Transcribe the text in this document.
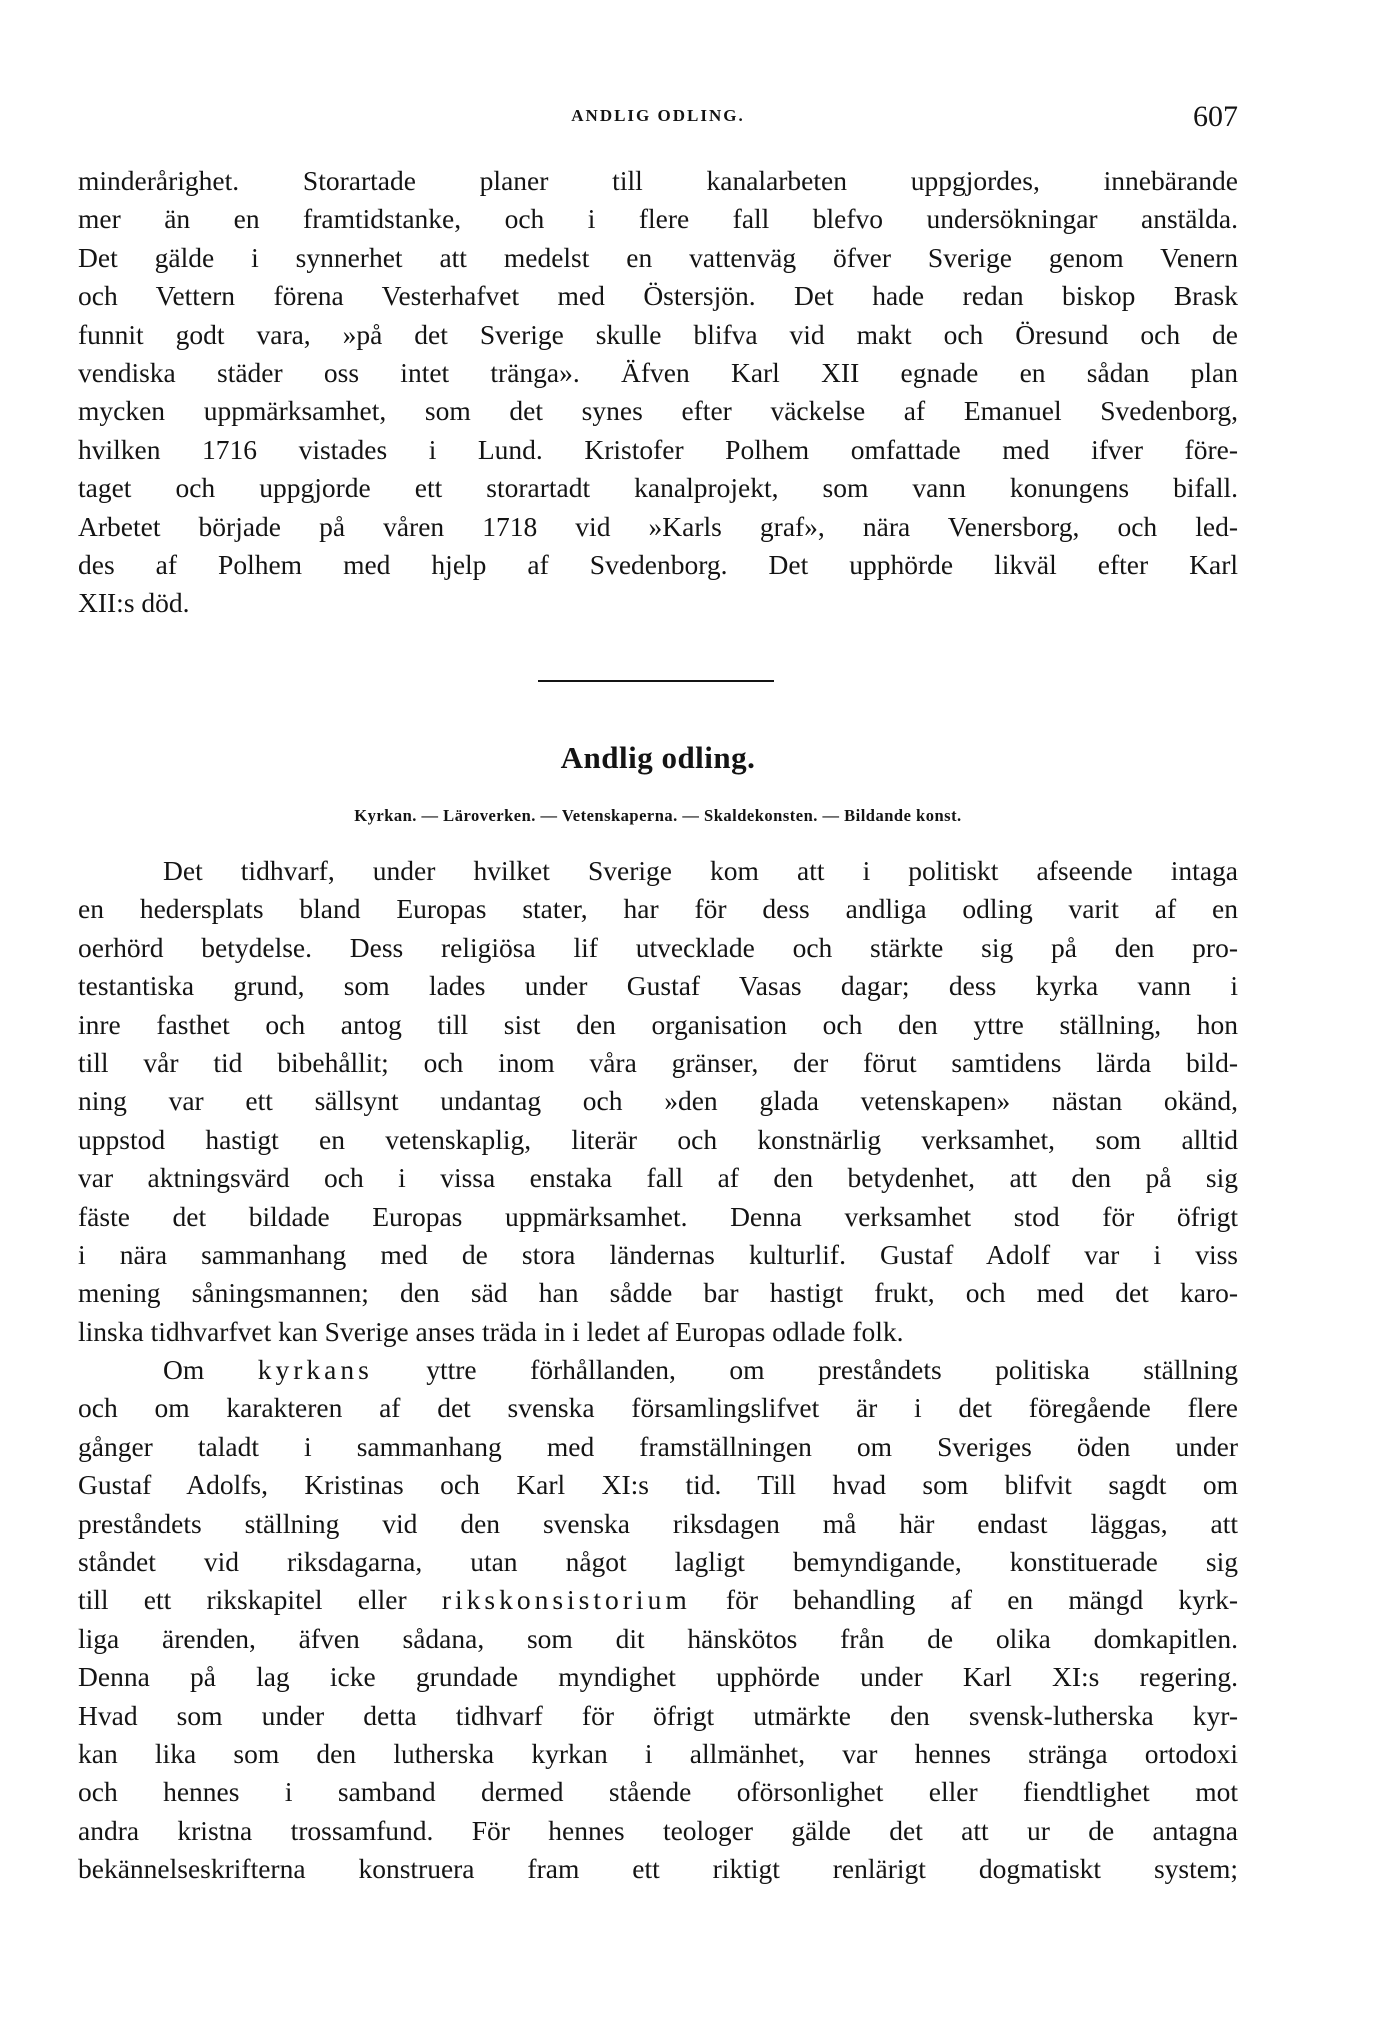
ANDLIG ODLING.	607
minderårighet. Storartade planer till kanalarbeten uppgjordes, innebärande
mer än en framtidstanke, och i flere fall blefvo undersökningar anstälda.
Det gälde i synnerhet att medelst en vattenväg öfver Sverige genom Venern
och Vettern förena Vesterhafvet med Östersjön. Det hade redan biskop Brask
funnit godt vara, »på det Sverige skulle blifva vid makt och Öresund och de
vendiska städer oss intet tränga». Äfven Karl XII egnade en sådan plan
mycken uppmärksamhet, som det synes efter väckelse af Emanuel Svedenborg,
hvilken 1716 vistades i Lund. Kristofer Polhem omfattade med ifver före-
taget och uppgjorde ett storartadt kanalprojekt, som vann konungens bifall.
Arbetet började på våren 1718 vid »Karls graf», nära Venersborg, och led-
des af Polhem med hjelp af Svedenborg. Det upphörde likväl efter Karl
XII:s död.
Andlig odling.
Kyrkan. — Läroverken. — Vetenskaperna. — Skaldekonsten. — Bildande konst.
Det tidhvarf, under hvilket Sverige kom att i politiskt afseende intaga
en hedersplats bland Europas stater, har för dess andliga odling varit af en
oerhörd betydelse. Dess religiösa lif utvecklade och stärkte sig på den pro-
testantiska grund, som lades under Gustaf Vasas dagar; dess kyrka vann i
inre fasthet och antog till sist den organisation och den yttre ställning, hon
till vår tid bibehållit; och inom våra gränser, der förut samtidens lärda bild-
ning var ett sällsynt undantag och »den glada vetenskapen» nästan okänd,
uppstod hastigt en vetenskaplig, literär och konstnärlig verksamhet, som alltid
var aktningsvärd och i vissa enstaka fall af den betydenhet, att den på sig
fäste det bildade Europas uppmärksamhet. Denna verksamhet stod för öfrigt
i nära sammanhang med de stora ländernas kulturlif. Gustaf Adolf var i viss
mening såningsmannen; den säd han sådde bar hastigt frukt, och med det karo-
linska tidhvarfvet kan Sverige anses träda in i ledet af Europas odlade folk.
Om kyrkans yttre förhållanden, om preståndets politiska ställning
och om karakteren af det svenska församlingslifvet är i det föregående flere
gånger taladt i sammanhang med framställningen om Sveriges öden under
Gustaf Adolfs, Kristinas och Karl XI:s tid. Till hvad som blifvit sagdt om
preståndets ställning vid den svenska riksdagen må här endast läggas, att
ståndet vid riksdagarna, utan något lagligt bemyndigande, konstituerade sig
till ett rikskapitel eller rikskonsistorium för behandling af en mängd kyrk-
liga ärenden, äfven sådana, som dit hänskötos från de olika domkapitlen.
Denna på lag icke grundade myndighet upphörde under Karl XI:s regering.
Hvad som under detta tidhvarf för öfrigt utmärkte den svensk-lutherska kyr-
kan lika som den lutherska kyrkan i allmänhet, var hennes stränga ortodoxi
och hennes i samband dermed stående oförsonlighet eller fiendtlighet mot
andra kristna trossamfund. För hennes teologer gälde det att ur de antagna
bekännelseskrifterna konstruera fram ett riktigt renlärigt dogmatiskt system;
